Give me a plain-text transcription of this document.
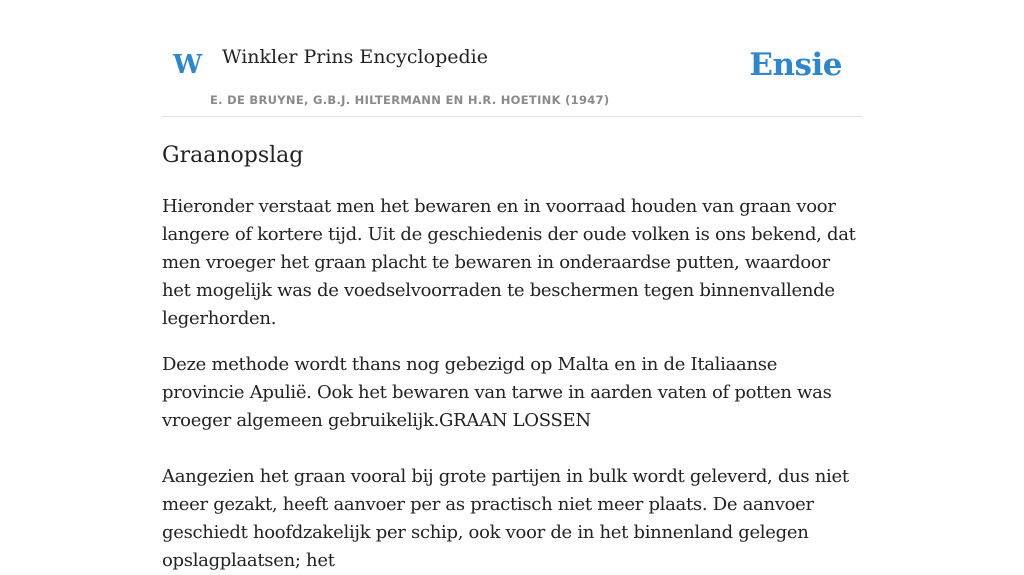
W Winkler Prins Encyclopedie
E. DE BRUYNE, G.B.J. HILTERMANN EN H.R. HOETINK (1947)
Ensie
Graanopslag

Hieronder verstaat men het bewaren en in voorraad houden van graan voor langere of kortere tijd. Uit de geschiedenis der oude volken is ons bekend, dat men vroeger het graan placht te bewaren in onderaardse putten, waardoor het mogelijk was de voedselvoorraden te beschermen tegen binnenvallende legerhorden.

Deze methode wordt thans nog gebezigd op Malta en in de Italiaanse provincie Apulië. Ook het bewaren van tarwe in aarden vaten of potten was vroeger algemeen gebruikelijk.GRAAN LOSSEN

Aangezien het graan vooral bij grote partijen in bulk wordt geleverd, dus niet meer gezakt, heeft aanvoer per as practisch niet meer plaats. De aanvoer geschiedt hoofdzakelijk per schip, ook voor de in het binnenland gelegen opslagplaatsen; het
